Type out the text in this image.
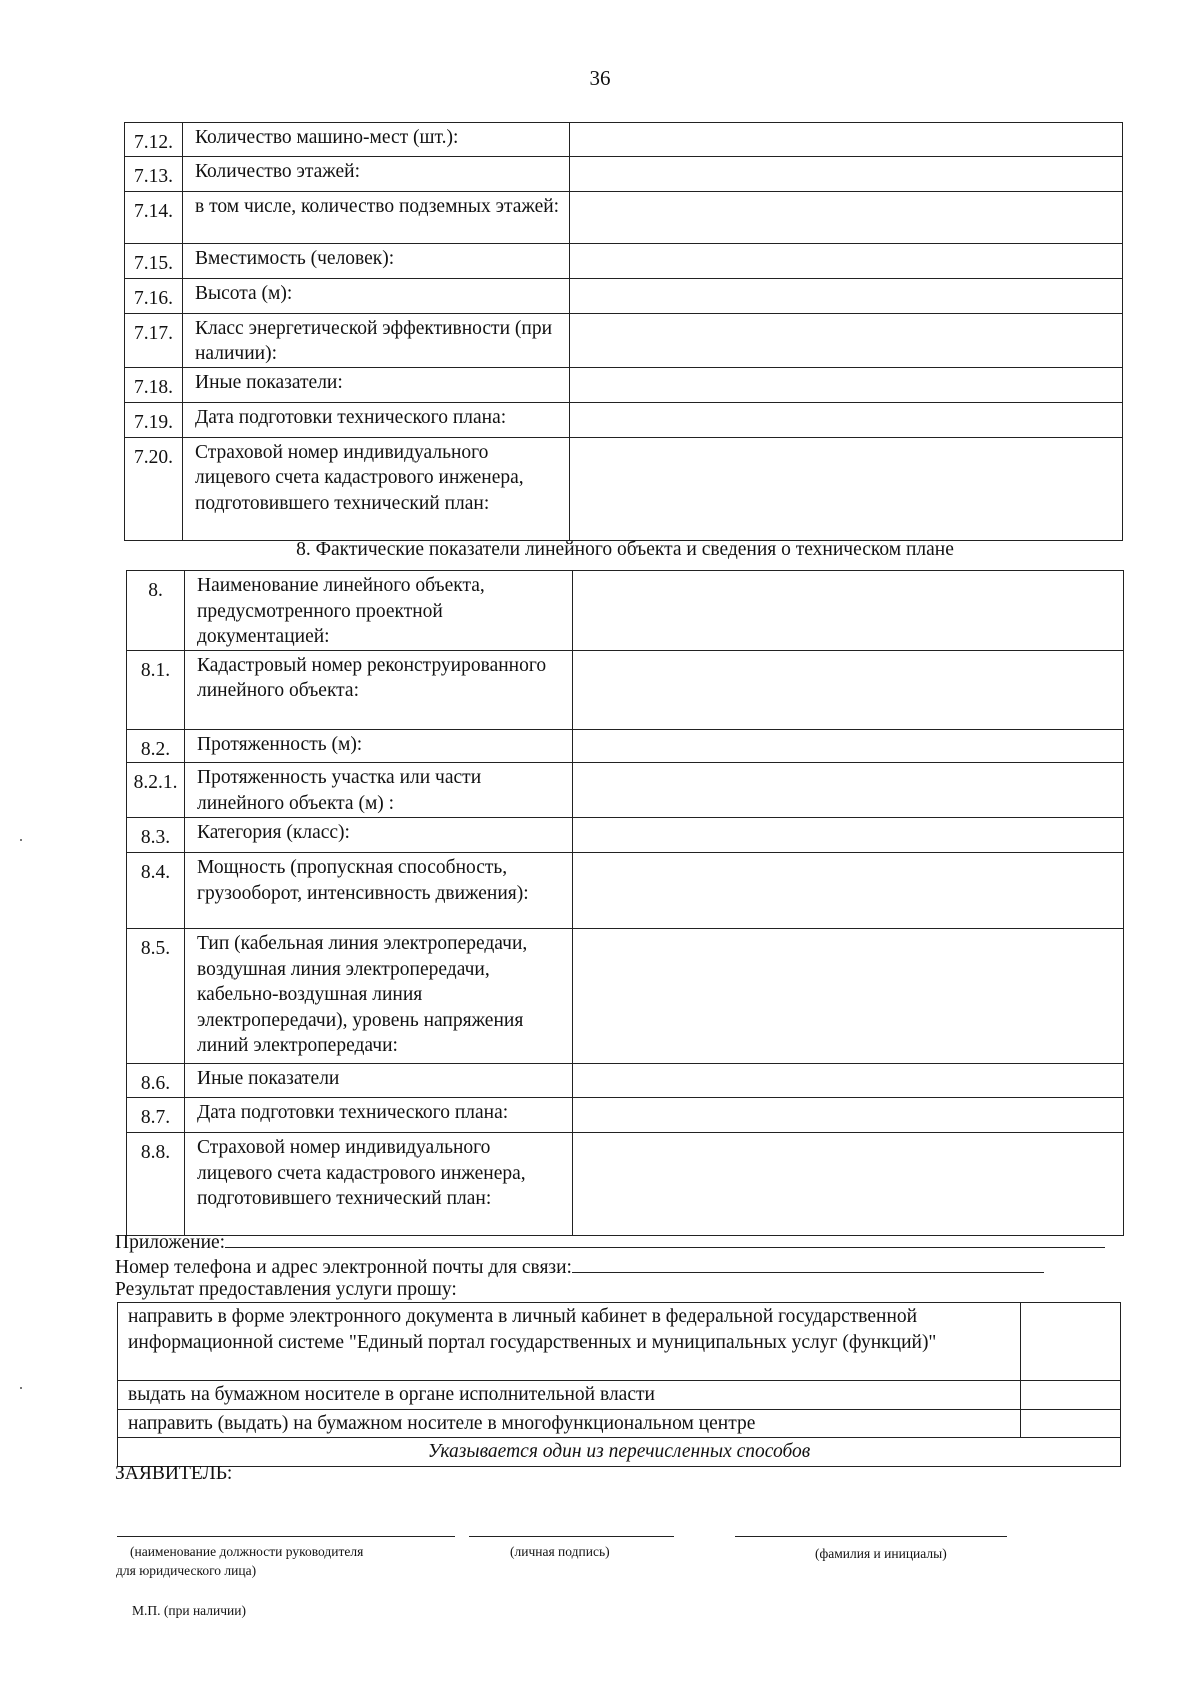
36
7.12.	Количество машино-мест (шт.):	
7.13.	Количество этажей:	
7.14.	в том числе, количество подземных этажей:	
7.15.	Вместимость (человек):	
7.16.	Высота (м):	
7.17.	Класс энергетической эффективности (при наличии):	
7.18.	Иные показатели:	
7.19.	Дата подготовки технического плана:	
7.20.	Страховой номер индивидуального лицевого счета кадастрового инженера, подготовившего технический план:	
8. Фактические показатели линейного объекта и сведения о техническом плане
8.	Наименование линейного объекта, предусмотренного проектной документацией:	
8.1.	Кадастровый номер реконструированного линейного объекта:	
8.2.	Протяженность (м):	
8.2.1.	Протяженность участка или части линейного объекта (м) :	
8.3.	Категория (класс):	
8.4.	Мощность (пропускная способность, грузооборот, интенсивность движения):	
8.5.	Тип (кабельная линия электропередачи, воздушная линия электропередачи, кабельно-воздушная линия электропередачи), уровень напряжения линий электропередачи:	
8.6.	Иные показатели	
8.7.	Дата подготовки технического плана:	
8.8.	Страховой номер индивидуального лицевого счета кадастрового инженера, подготовившего технический план:	
Приложение:
Номер телефона и адрес электронной почты для связи:
Результат предоставления услуги прошу:
направить в форме электронного документа в личный кабинет в федеральной государственной информационной системе "Единый портал государственных и муниципальных услуг (функций)"	
выдать на бумажном носителе в органе исполнительной власти	
направить (выдать) на бумажном носителе в многофункциональном центре	
Указывается один из перечисленных способов	
ЗАЯВИТЕЛЬ:
(наименование должности руководителя
для юридического лица)
(личная подпись)	(фамилия и инициалы)
М.П. (при наличии)
